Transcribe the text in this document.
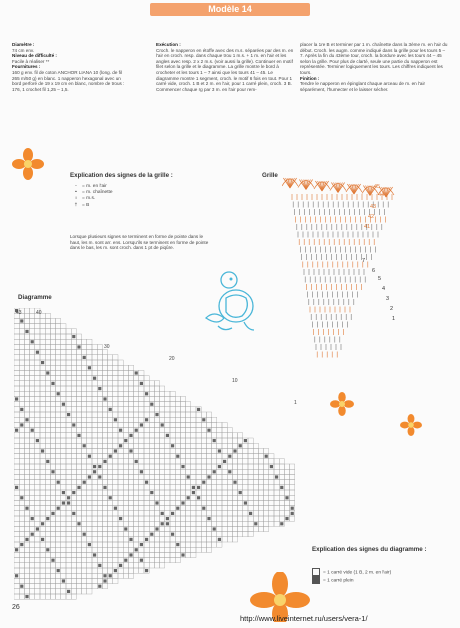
Modèle 14
Diamètre :
74 cm env.
Niveau de difficulté :
Facile à réaliser **
Fournitures :
160 g env. fil de coton ANCHOR LIANA 10 (long. de fil 265 m/50 g) en blanc. 1 napperon hexagonal avec un bord perforé de 19 x 19 cm en blanc, nombre de trous : 176, 1 crochet fil 1,25 – 1,5.
Exécution :
Croch. le napperon en étoffe avec des m.s. séparées par des m. en l'air en croch. resp. dans chaque trou 1 m.s. + 1 m. en l'air et les angles avec resp. 2 x 2 m.s. (voir aussi la grille). Continuer en motif filet selon la grille et le diagramme. La grille montre le bord à crocheter et les tours 1 – 7 ainsi que les tours 41 – 45. Le diagramme montre 1 segment, croch. le motif 6 fois en tout. Pour 1 carré vide, croch. 1 B et 2 m. en l'air, pour 1 carré plein, croch. 3 B. Commencer chaque rg par 3 m. en l'air pour rem-
placer la 1re B et terminer par 1 m. chaînette dans la 3ème m. en l'air du début. Croch. les augm. comme indiqué dans la grille pour les tours 5 – 7. Après la fin du 43ème tour, croch. la bordure avec les tours 44 – 45 selon la grille. Pour plus de clarté, seule une partie du napperon est représentée. Terminer logiquement les tours. Les chiffres indiquent les tours.
Finition :
Tendre le napperon en épinglant chaque arceau de m. en l'air séparément, l'humecter et le laisser sécher.
Explication des signes de la grille :
◦ = m. en l'air
• = m. chaînette
ı = m.s.
† = B
Lorsque plusieurs signes se terminent en forme de pointe dans le haut, les m. sont arr. ens. Lorsqu'ils se terminent en forme de pointe dans le bas, les m. sont croch. dans 1 pt de piqûre.
Grille
45
44
43
42
41
7
6
5
4
3
2
1
Diagramme
43	40
30
20
10
1
Explication des signes du diagramme :
= 1 carré vide (1 B, 2 m. en l'air)
= 1 carré plein
26
http://www.liveinternet.ru/users/vera-1/
